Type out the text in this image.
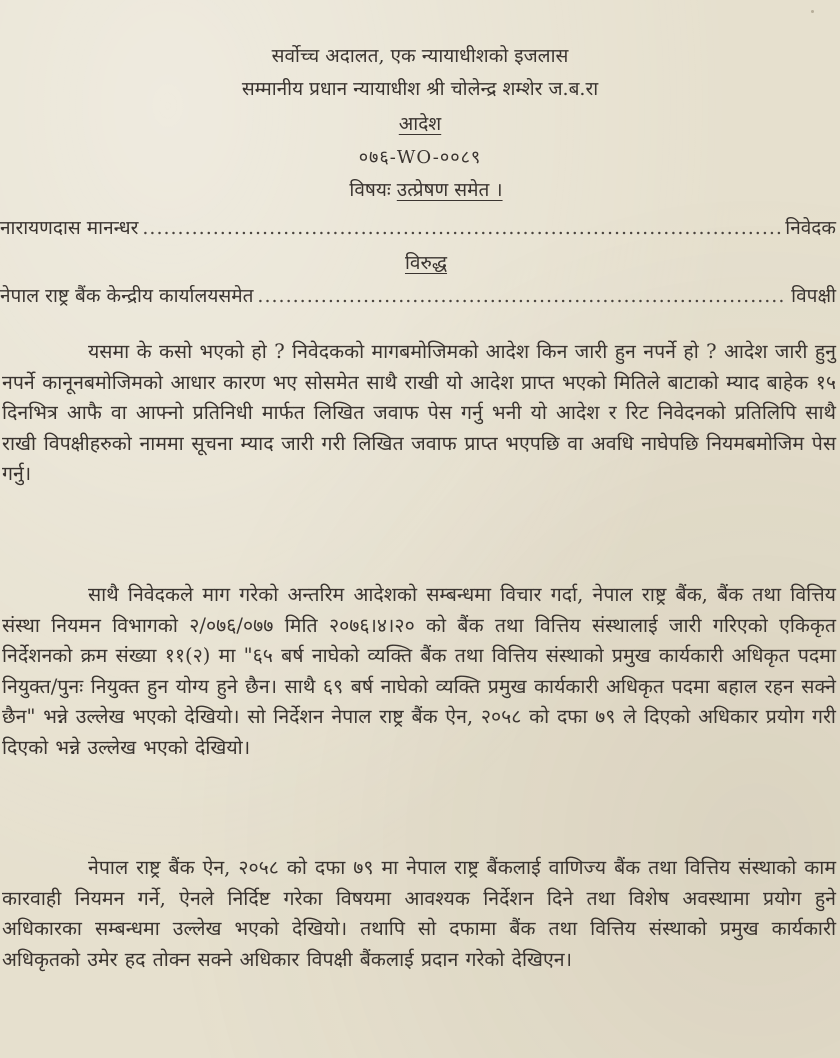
सर्वोच्च अदालत, एक न्यायाधीशको इजलास
सम्मानीय प्रधान न्यायाधीश श्री चोलेन्द्र शम्शेर ज.ब.रा
आदेश
०७६-WO-००८९
विषयः उत्प्रेषण समेत ।
नारायणदास मानन्धर .....	निवेदक
विरुद्ध
नेपाल राष्ट्र बैंक केन्द्रीय कार्यालयसमेत .....	विपक्षी

यसमा के कसो भएको हो ? निवेदकको मागबमोजिमको आदेश किन जारी हुन नपर्ने हो ? आदेश जारी हुनु नपर्ने कानूनबमोजिमको आधार कारण भए सोसमेत साथै राखी यो आदेश प्राप्त भएको मितिले बाटाको म्याद बाहेक १५ दिनभित्र आफै वा आफ्नो प्रतिनिधी मार्फत लिखित जवाफ पेस गर्नु भनी यो आदेश र रिट निवेदनको प्रतिलिपि साथै राखी विपक्षीहरुको नाममा सूचना म्याद जारी गरी लिखित जवाफ प्राप्त भएपछि वा अवधि नाघेपछि नियमबमोजिम पेस गर्नु।

साथै निवेदकले माग गरेको अन्तरिम आदेशको सम्बन्धमा विचार गर्दा, नेपाल राष्ट्र बैंक, बैंक तथा वित्तिय संस्था नियमन विभागको २/०७६/०७७ मिति २०७६।४।२० को बैंक तथा वित्तिय संस्थालाई जारी गरिएको एकिकृत निर्देशनको क्रम संख्या ११(२) मा "६५ बर्ष नाघेको व्यक्ति बैंक तथा वित्तिय संस्थाको प्रमुख कार्यकारी अधिकृत पदमा नियुक्त/पुनः नियुक्त हुन योग्य हुने छैन। साथै ६९ बर्ष नाघेको व्यक्ति प्रमुख कार्यकारी अधिकृत पदमा बहाल रहन सक्ने छैन" भन्ने उल्लेख भएको देखियो। सो निर्देशन नेपाल राष्ट्र बैंक ऐन, २०५८ को दफा ७९ ले दिएको अधिकार प्रयोग गरी दिएको भन्ने उल्लेख भएको देखियो।

नेपाल राष्ट्र बैंक ऐन, २०५८ को दफा ७९ मा नेपाल राष्ट्र बैंकलाई वाणिज्य बैंक तथा वित्तिय संस्थाको काम कारवाही नियमन गर्ने, ऐनले निर्दिष्ट गरेका विषयमा आवश्यक निर्देशन दिने तथा विशेष अवस्थामा प्रयोग हुने अधिकारका सम्बन्धमा उल्लेख भएको देखियो। तथापि सो दफामा बैंक तथा वित्तिय संस्थाको प्रमुख कार्यकारी अधिकृतको उमेर हद तोक्न सक्ने अधिकार विपक्षी बैंकलाई प्रदान गरेको देखिएन।
